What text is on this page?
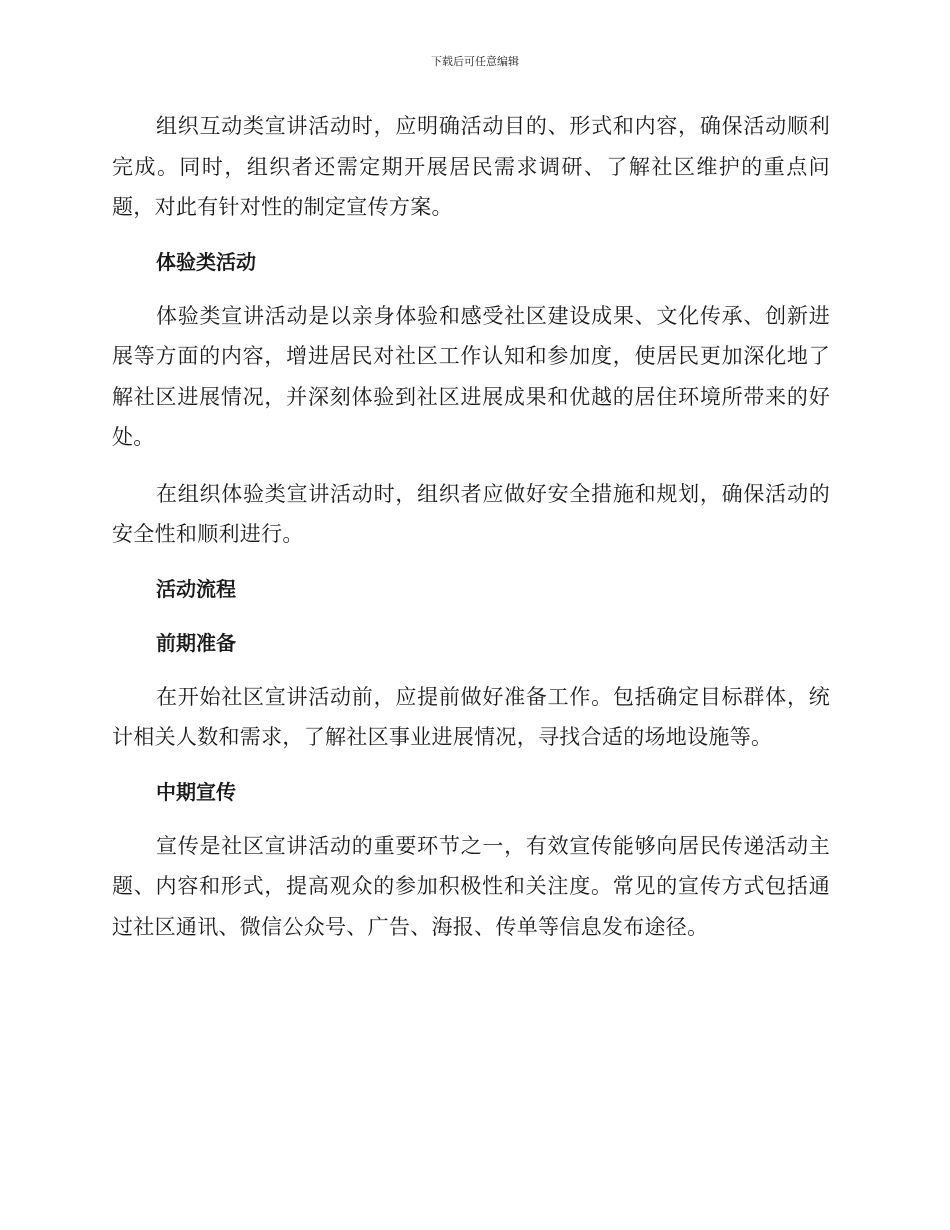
下载后可任意编辑

组织互动类宣讲活动时，应明确活动目的、形式和内容，确保活动顺利完成。同时，组织者还需定期开展居民需求调研、了解社区维护的重点问题，对此有针对性的制定宣传方案。

体验类活动

体验类宣讲活动是以亲身体验和感受社区建设成果、文化传承、创新进展等方面的内容，增进居民对社区工作认知和参加度，使居民更加深化地了解社区进展情况，并深刻体验到社区进展成果和优越的居住环境所带来的好处。

在组织体验类宣讲活动时，组织者应做好安全措施和规划，确保活动的安全性和顺利进行。

活动流程
前期准备

在开始社区宣讲活动前，应提前做好准备工作。包括确定目标群体，统计相关人数和需求，了解社区事业进展情况，寻找合适的场地设施等。

中期宣传

宣传是社区宣讲活动的重要环节之一，有效宣传能够向居民传递活动主题、内容和形式，提高观众的参加积极性和关注度。常见的宣传方式包括通过社区通讯、微信公众号、广告、海报、传单等信息发布途径。
